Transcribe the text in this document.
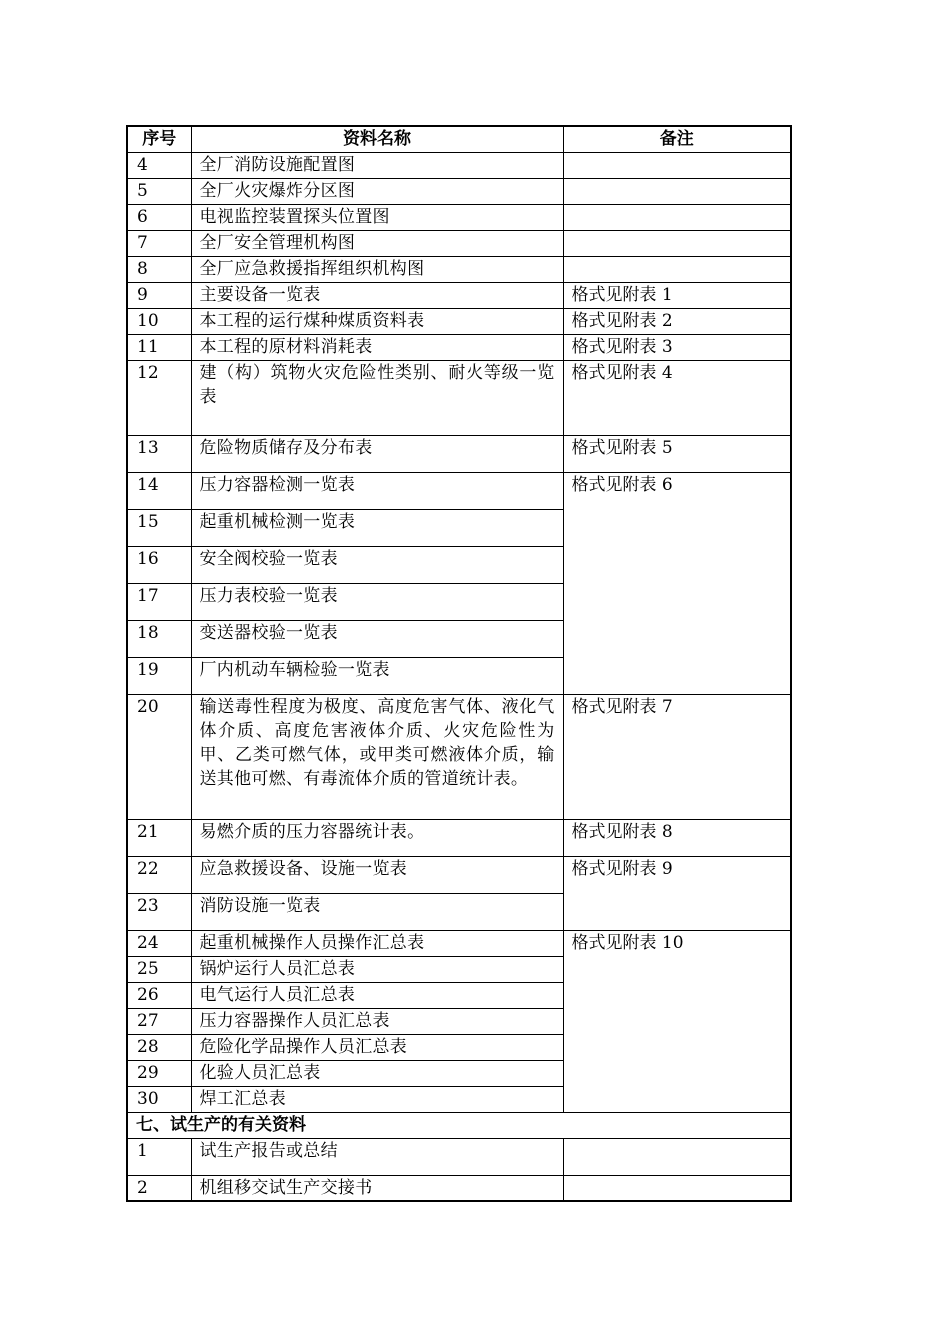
序号	资料名称	备注
4	全厂消防设施配置图	
5	全厂火灾爆炸分区图	
6	电视监控装置探头位置图	
7	全厂安全管理机构图	
8	全厂应急救援指挥组织机构图	
9	主要设备一览表	格式见附表 1
10	本工程的运行煤种煤质资料表	格式见附表 2
11	本工程的原材料消耗表	格式见附表 3
12	建（构）筑物火灾危险性类别、耐火等级一览表	格式见附表 4
13	危险物质储存及分布表	格式见附表 5
14	压力容器检测一览表	格式见附表 6
15	起重机械检测一览表	
16	安全阀校验一览表	
17	压力表校验一览表	
18	变送器校验一览表	
19	厂内机动车辆检验一览表	
20	输送毒性程度为极度、高度危害气体、液化气体介质、高度危害液体介质、火灾危险性为甲、乙类可燃气体，或甲类可燃液体介质，输送其他可燃、有毒流体介质的管道统计表。	格式见附表 7
21	易燃介质的压力容器统计表。	格式见附表 8
22	应急救援设备、设施一览表	格式见附表 9
23	消防设施一览表	
24	起重机械操作人员操作汇总表	格式见附表 10
25	锅炉运行人员汇总表	
26	电气运行人员汇总表	
27	压力容器操作人员汇总表	
28	危险化学品操作人员汇总表	
29	化验人员汇总表	
30	焊工汇总表	
七、试生产的有关资料		
1	试生产报告或总结	
2	机组移交试生产交接书	
